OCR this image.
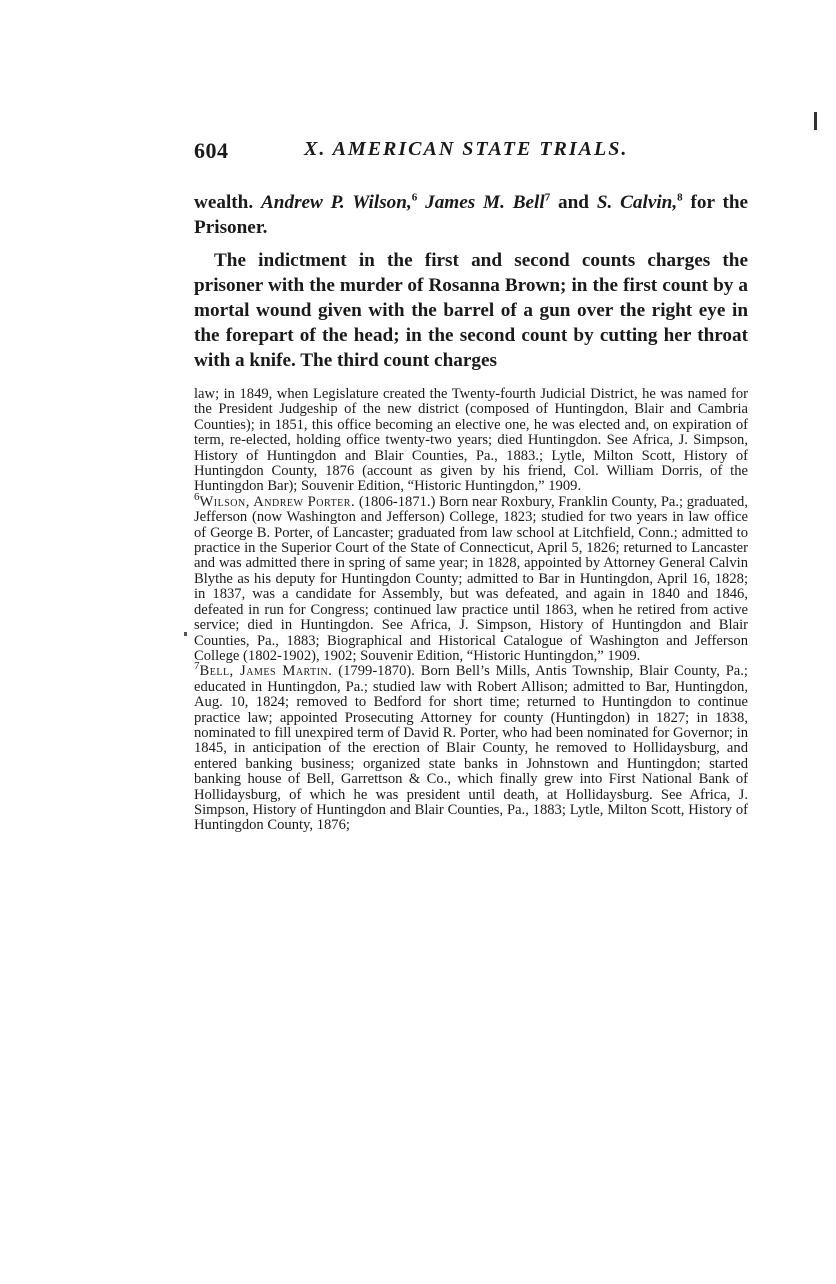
604	X. AMERICAN STATE TRIALS.

wealth. Andrew P. Wilson,$^6$ James M. Bell$^7$ and S. Calvin,$^8$ for the Prisoner.

The indictment in the first and second counts charges the prisoner with the murder of Rosanna Brown; in the first count by a mortal wound given with the barrel of a gun over the right eye in the forepart of the head; in the second count by cutting her throat with a knife. The third count charges

law; in 1849, when Legislature created the Twenty-fourth Judicial District, he was named for the President Judgeship of the new district (composed of Huntingdon, Blair and Cambria Counties); in 1851, this office becoming an elective one, he was elected and, on expiration of term, re-elected, holding office twenty-two years; died Huntingdon. See Africa, J. Simpson, History of Huntingdon and Blair Counties, Pa., 1883.; Lytle, Milton Scott, History of Huntingdon County, 1876 (account as given by his friend, Col. William Dorris, of the Huntingdon Bar); Souvenir Edition, “Historic Huntingdon,” 1909.

$^6$Wilson, Andrew Porter. (1806-1871.) Born near Roxbury, Franklin County, Pa.; graduated, Jefferson (now Washington and Jefferson) College, 1823; studied for two years in law office of George B. Porter, of Lancaster; graduated from law school at Litchfield, Conn.; admitted to practice in the Superior Court of the State of Connecticut, April 5, 1826; returned to Lancaster and was admitted there in spring of same year; in 1828, appointed by Attorney General Calvin Blythe as his deputy for Huntingdon County; admitted to Bar in Huntingdon, April 16, 1828; in 1837, was a candidate for Assembly, but was defeated, and again in 1840 and 1846, defeated in run for Congress; continued law practice until 1863, when he retired from active service; died in Huntingdon. See Africa, J. Simpson, History of Huntingdon and Blair Counties, Pa., 1883; Biographical and Historical Catalogue of Washington and Jefferson College (1802-1902), 1902; Souvenir Edition, “Historic Huntingdon,” 1909.

$^7$Bell, James Martin. (1799-1870). Born Bell’s Mills, Antis Township, Blair County, Pa.; educated in Huntingdon, Pa.; studied law with Robert Allison; admitted to Bar, Huntingdon, Aug. 10, 1824; removed to Bedford for short time; returned to Huntingdon to continue practice law; appointed Prosecuting Attorney for county (Huntingdon) in 1827; in 1838, nominated to fill unexpired term of David R. Porter, who had been nominated for Governor; in 1845, in anticipation of the erection of Blair County, he removed to Hollidaysburg, and entered banking business; organized state banks in Johnstown and Huntingdon; started banking house of Bell, Garrettson & Co., which finally grew into First National Bank of Hollidaysburg, of which he was president until death, at Hollidaysburg. See Africa, J. Simpson, History of Huntingdon and Blair Counties, Pa., 1883; Lytle, Milton Scott, History of Huntingdon County, 1876;
